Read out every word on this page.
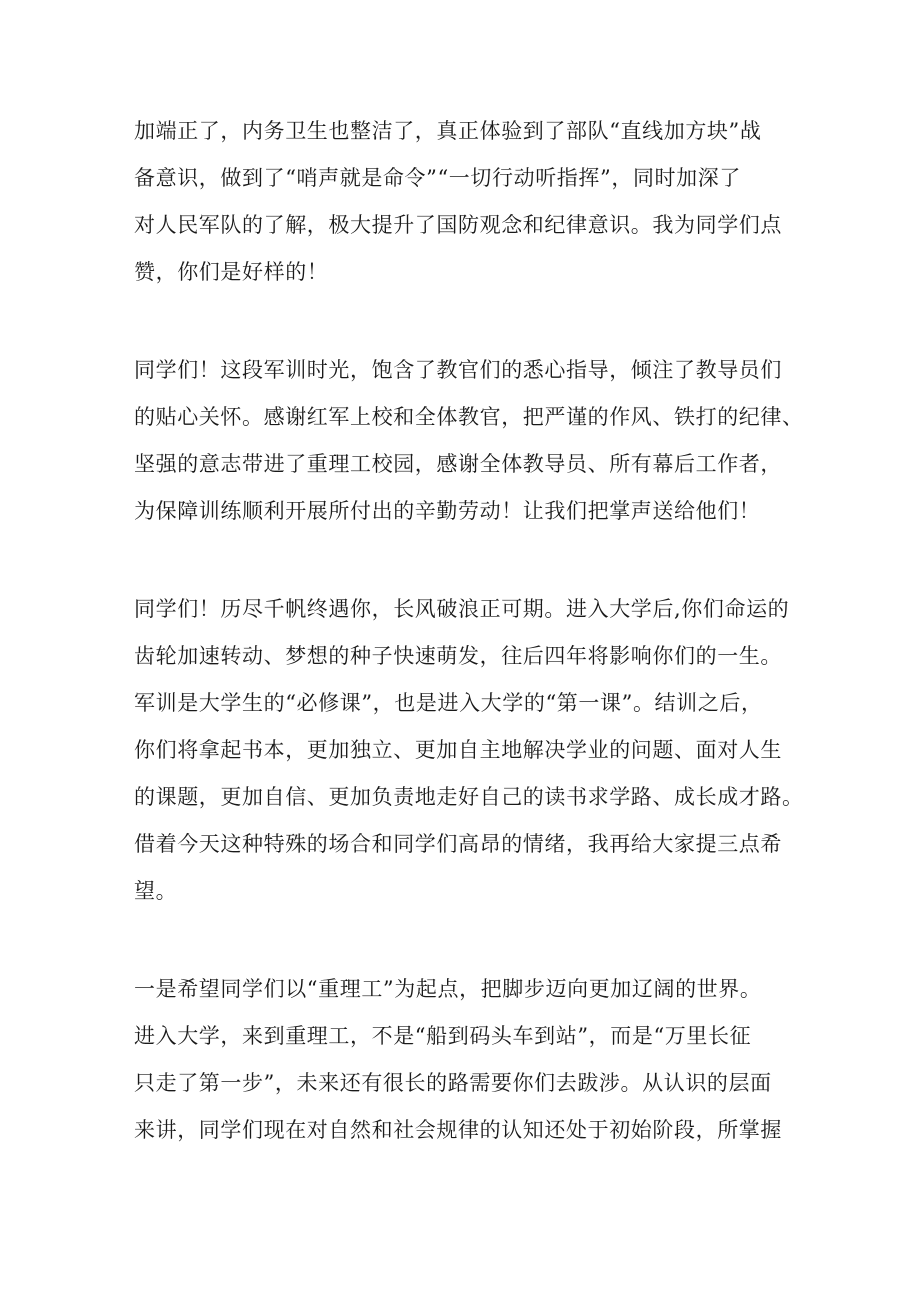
加端正了，内务卫生也整洁了，真正体验到了部队“直线加方块”战
备意识，做到了“哨声就是命令”“一切行动听指挥”，同时加深了
对人民军队的了解，极大提升了国防观念和纪律意识。我为同学们点
赞，你们是好样的！
同学们！这段军训时光，饱含了教官们的悉心指导，倾注了教导员们
的贴心关怀。感谢红军上校和全体教官，把严谨的作风、铁打的纪律、
坚强的意志带进了重理工校园，感谢全体教导员、所有幕后工作者，
为保障训练顺利开展所付出的辛勤劳动！让我们把掌声送给他们！
同学们！历尽千帆终遇你，长风破浪正可期。进入大学后,你们命运的
齿轮加速转动、梦想的种子快速萌发，往后四年将影响你们的一生。
军训是大学生的“必修课”，也是进入大学的“第一课”。结训之后，
你们将拿起书本，更加独立、更加自主地解决学业的问题、面对人生
的课题，更加自信、更加负责地走好自己的读书求学路、成长成才路。
借着今天这种特殊的场合和同学们高昂的情绪，我再给大家提三点希
望。
一是希望同学们以“重理工”为起点，把脚步迈向更加辽阔的世界。
进入大学，来到重理工，不是“船到码头车到站”，而是“万里长征
只走了第一步”，未来还有很长的路需要你们去跋涉。从认识的层面
来讲，同学们现在对自然和社会规律的认知还处于初始阶段，所掌握
